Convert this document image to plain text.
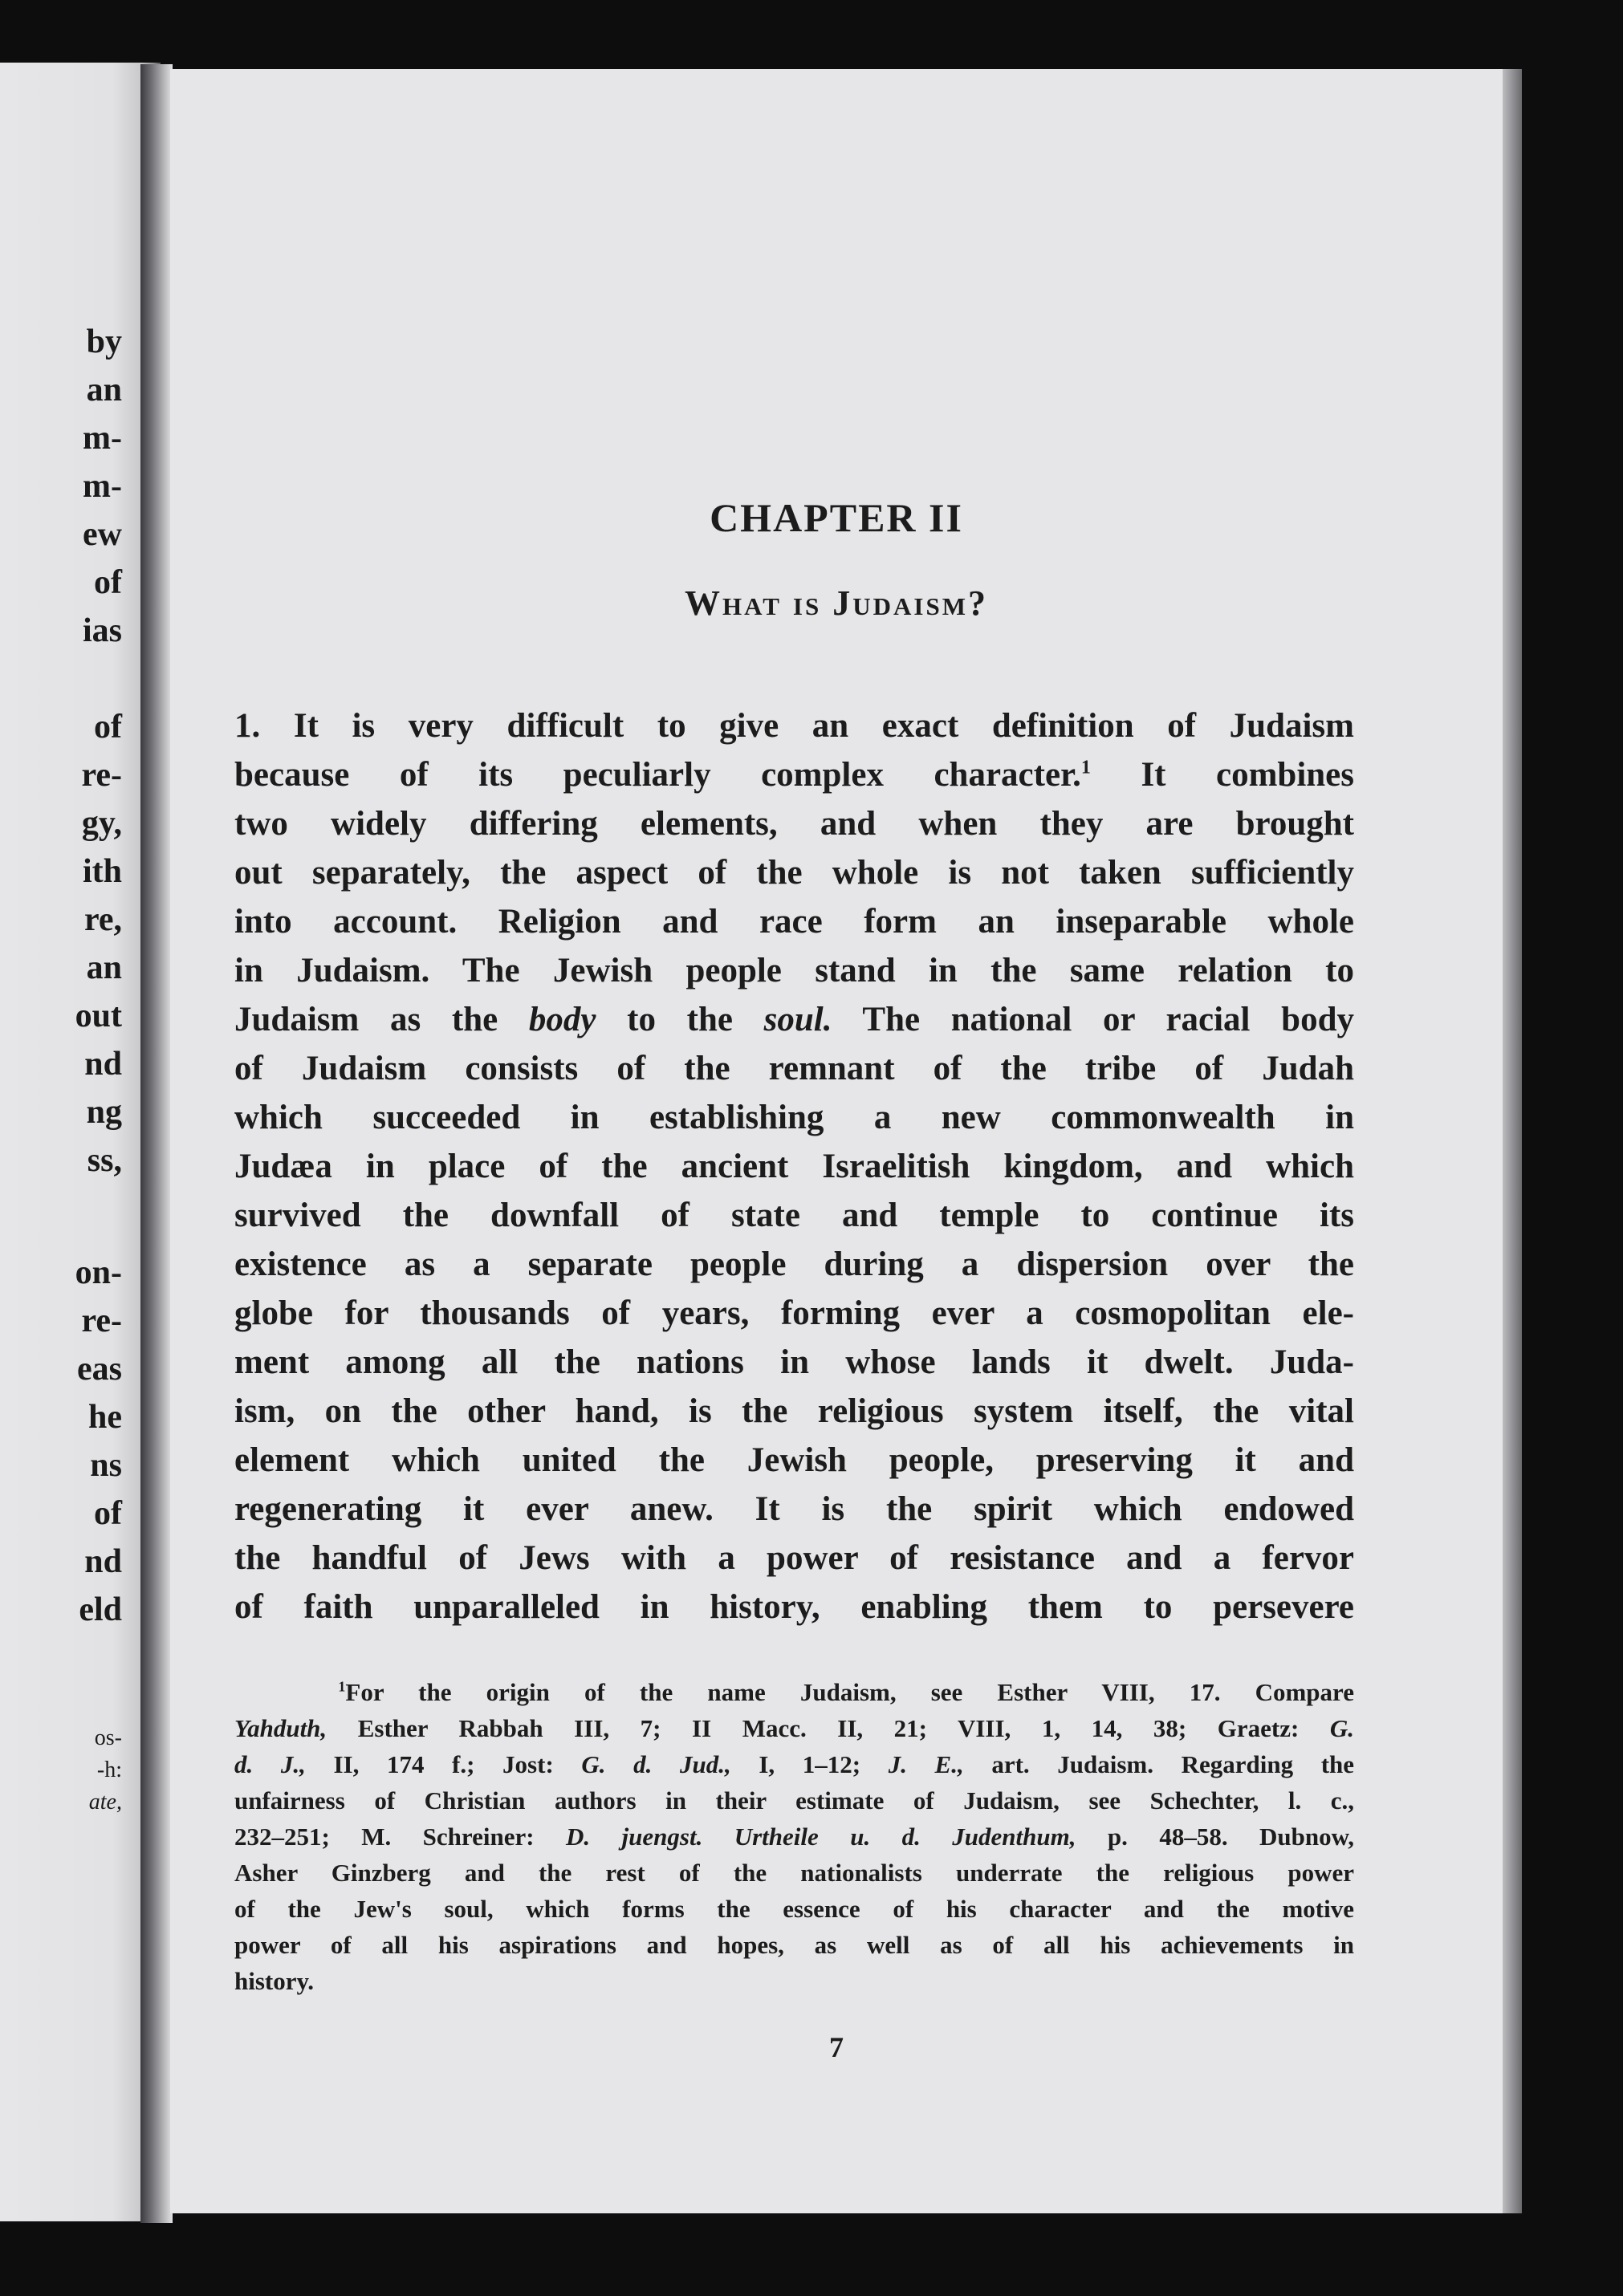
by
an
m-
m-
ew
of
ias
of
re-
gy,
ith
re,
an
out
nd
ng
ss,
on-
re-
eas
he
ns
of
nd
eld
os-
-h:
ate,
CHAPTER II
What is Judaism?
1. It is very difficult to give an exact definition of Judaism
because of its peculiarly complex character.$^1$ It combines
two widely differing elements, and when they are brought
out separately, the aspect of the whole is not taken sufficiently
into account. Religion and race form an inseparable whole
in Judaism. The Jewish people stand in the same relation to
Judaism as the body to the soul. The national or racial body
of Judaism consists of the remnant of the tribe of Judah
which succeeded in establishing a new commonwealth in
Judæa in place of the ancient Israelitish kingdom, and which
survived the downfall of state and temple to continue its
existence as a separate people during a dispersion over the
globe for thousands of years, forming ever a cosmopolitan ele-
ment among all the nations in whose lands it dwelt. Juda-
ism, on the other hand, is the religious system itself, the vital
element which united the Jewish people, preserving it and
regenerating it ever anew. It is the spirit which endowed
the handful of Jews with a power of resistance and a fervor
of faith unparalleled in history, enabling them to persevere
$^1$For the origin of the name Judaism, see Esther VIII, 17. Compare
Yahduth, Esther Rabbah III, 7; II Macc. II, 21; VIII, 1, 14, 38; Graetz: G.
d. J., II, 174 f.; Jost: G. d. Jud., I, 1–12; J. E., art. Judaism. Regarding the
unfairness of Christian authors in their estimate of Judaism, see Schechter, l. c.,
232–251; M. Schreiner: D. juengst. Urtheile u. d. Judenthum, p. 48–58. Dubnow,
Asher Ginzberg and the rest of the nationalists underrate the religious power
of the Jew's soul, which forms the essence of his character and the motive
power of all his aspirations and hopes, as well as of all his achievements in
history.
7
